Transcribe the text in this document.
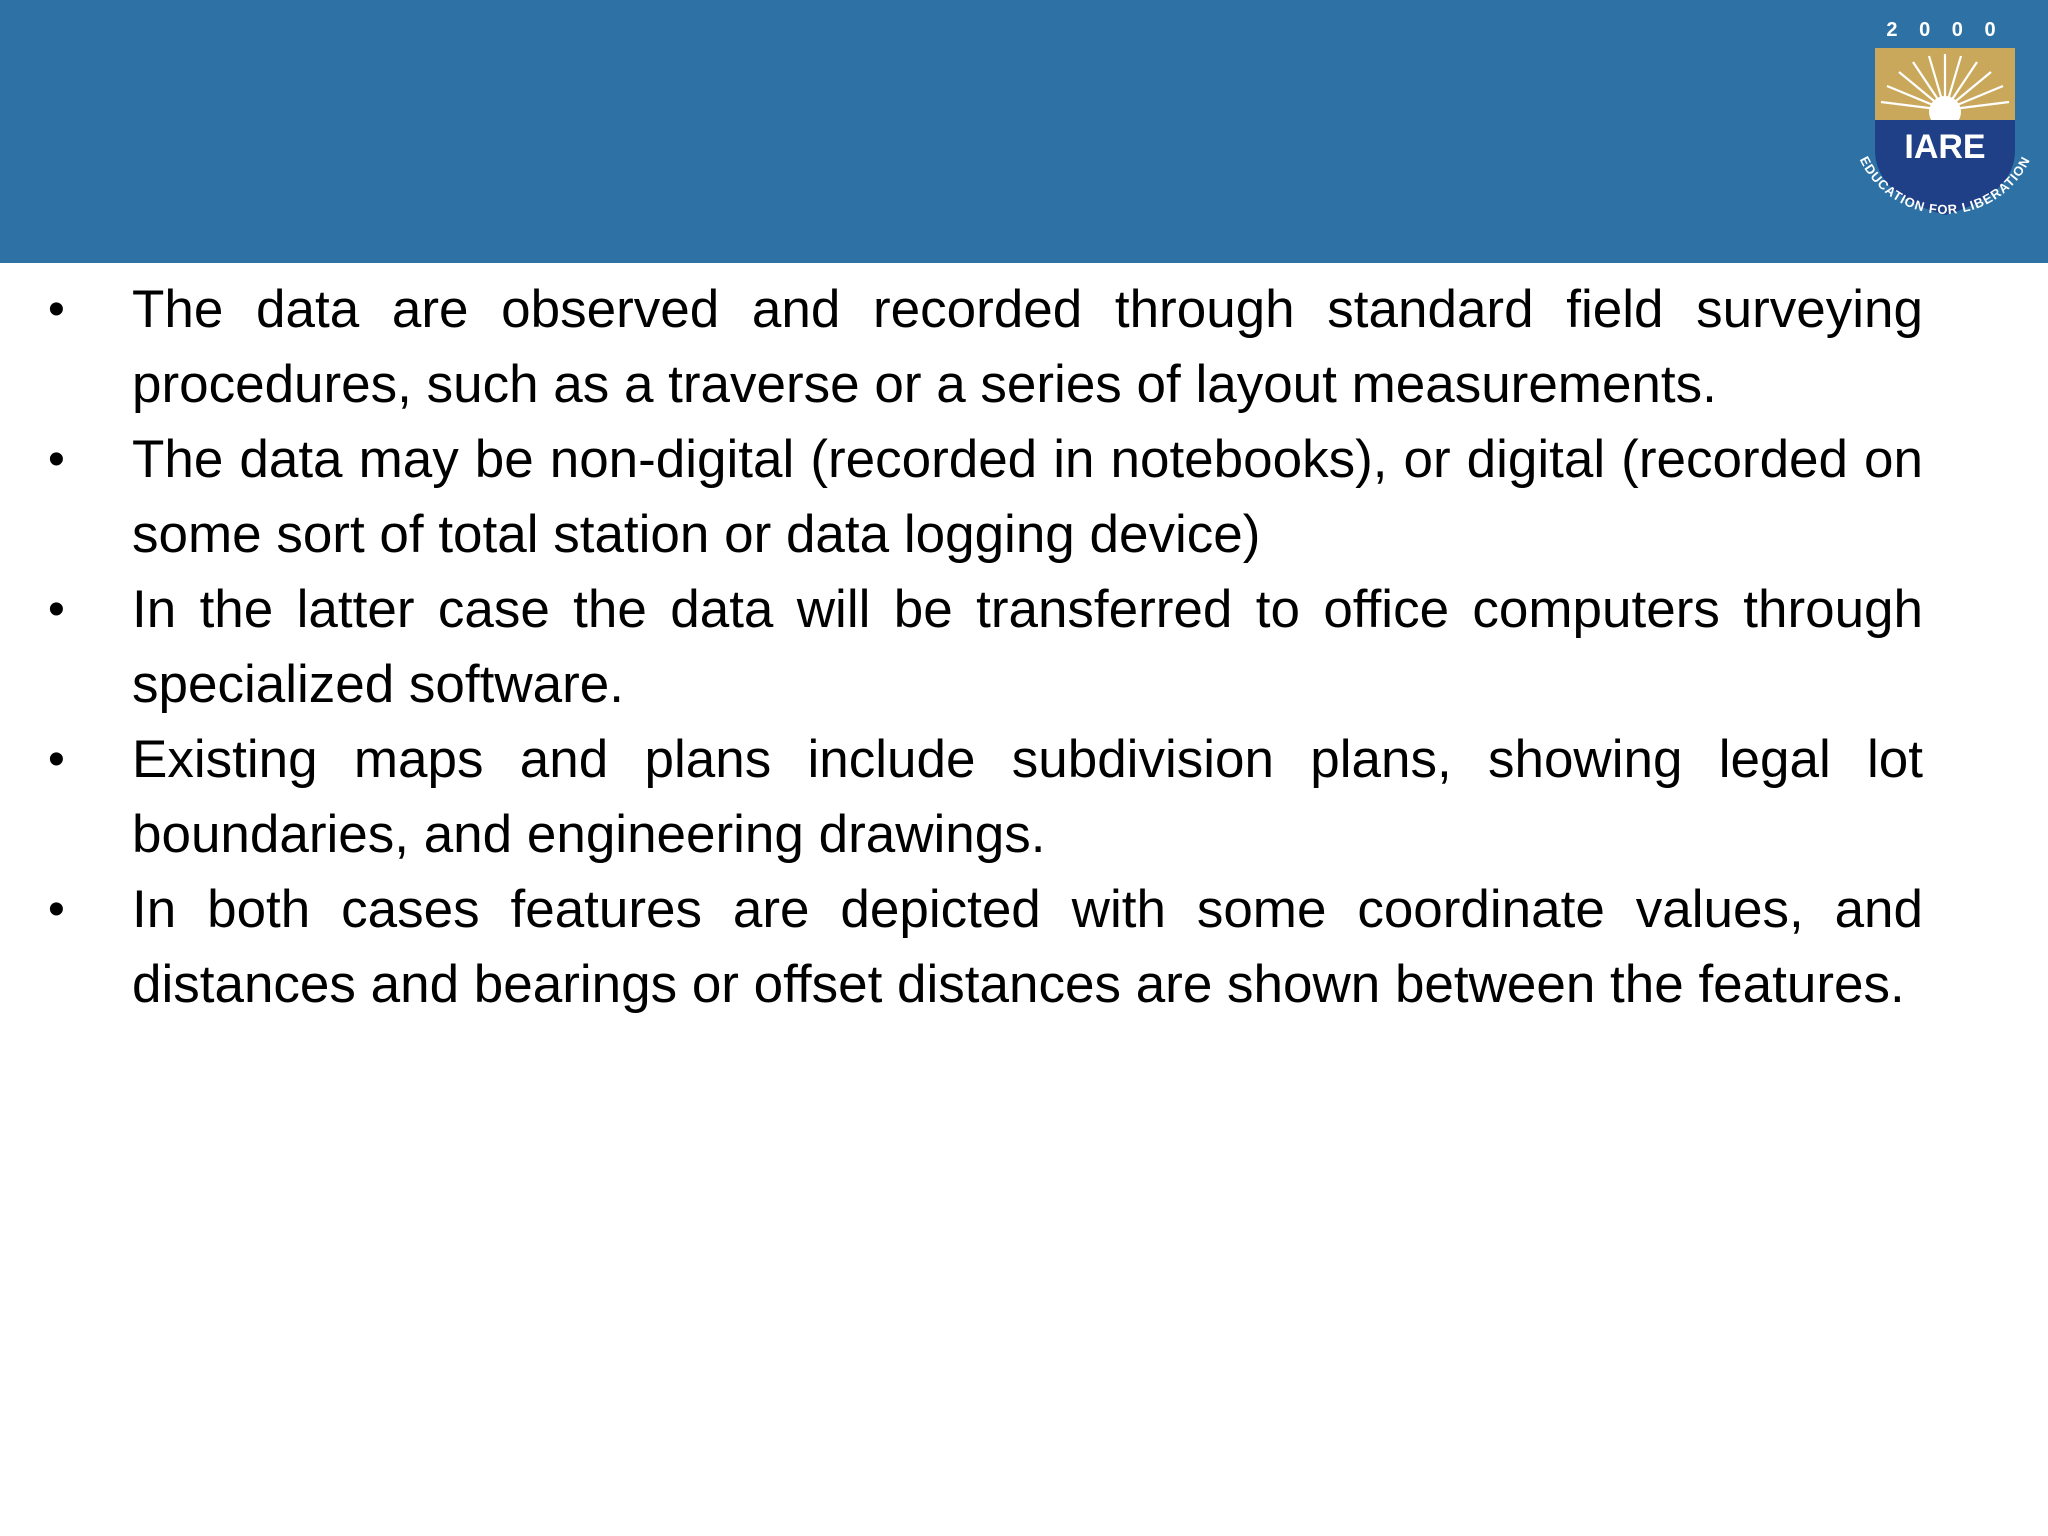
2 0 0 0
IARE
EDUCATION FOR LIBERATION
•	The data are observed and recorded through standard field surveying procedures, such as a traverse or a series of layout measurements.
•	The data may be non-digital (recorded in notebooks), or digital (recorded on some sort of total station or data logging device)
•	In the latter case the data will be transferred to office computers through specialized software.
•	Existing maps and plans include subdivision plans, showing legal lot boundaries, and engineering drawings.
•	In both cases features are depicted with some coordinate values, and distances and bearings or offset distances are shown between the features.
